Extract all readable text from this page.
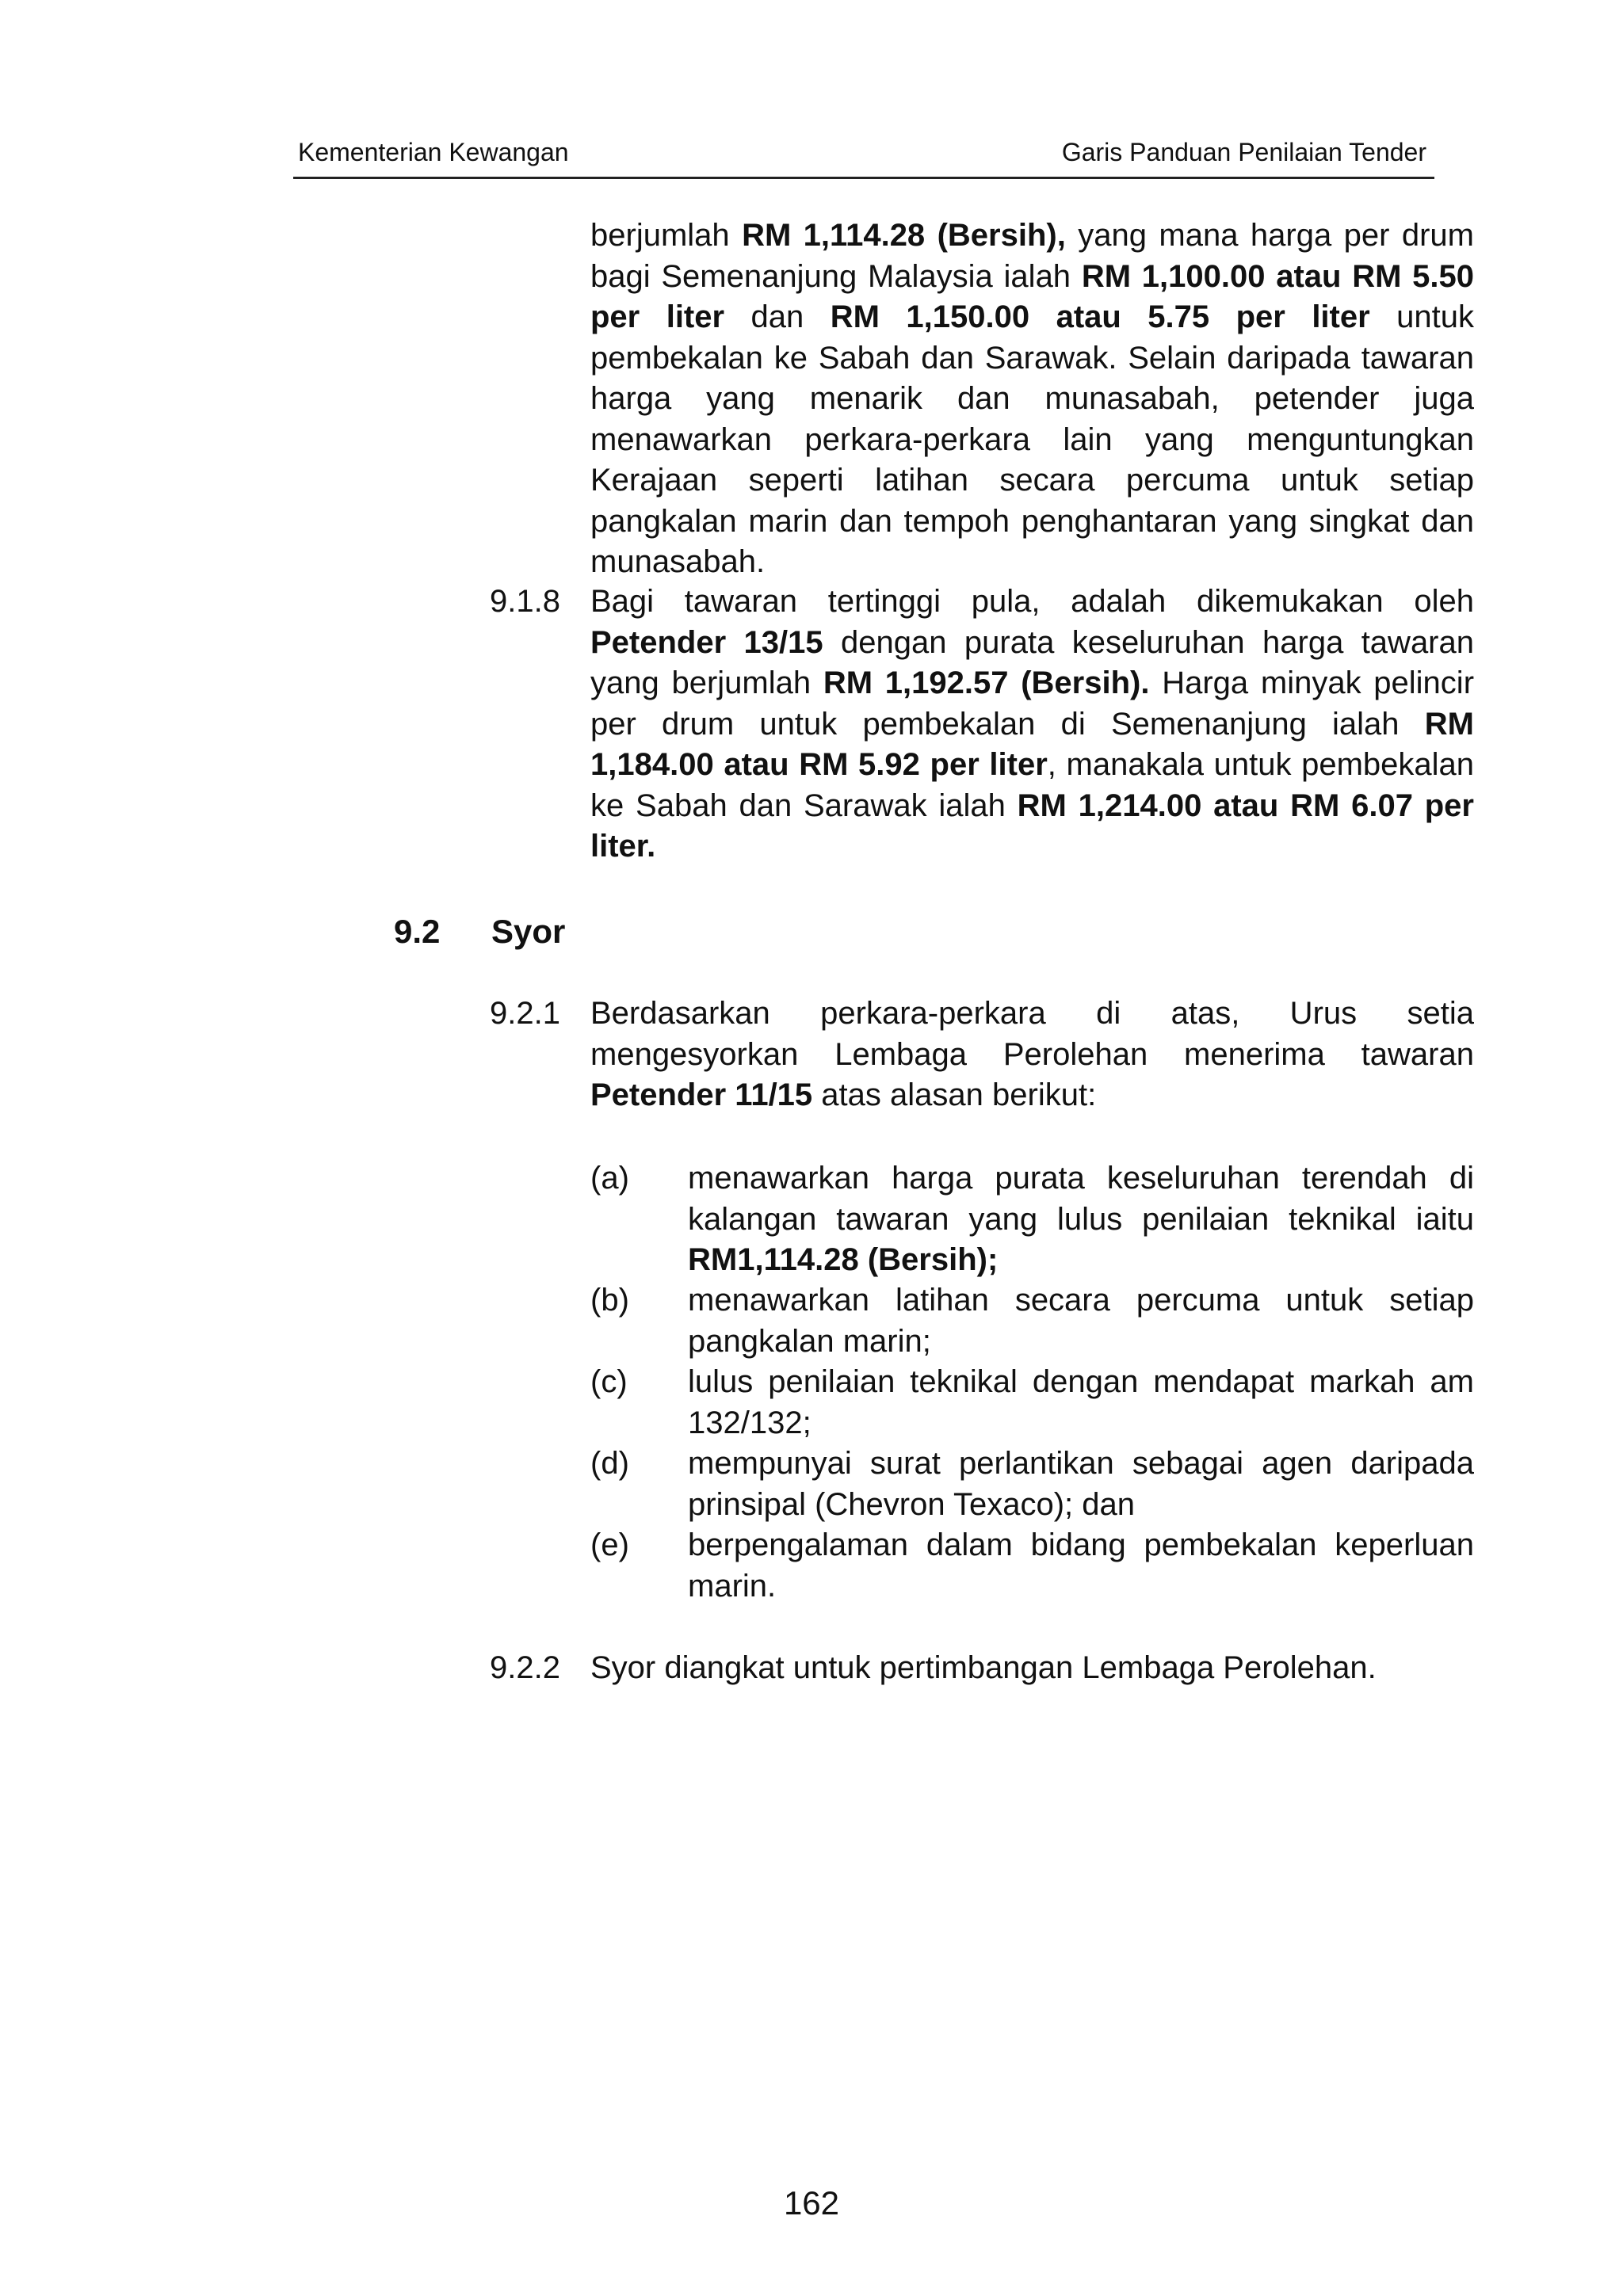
Kementerian Kewangan	Garis Panduan Penilaian Tender
berjumlah RM 1,114.28 (Bersih), yang mana harga per drum bagi Semenanjung Malaysia ialah RM 1,100.00 atau RM 5.50 per liter dan RM 1,150.00 atau 5.75 per liter untuk pembekalan ke Sabah dan Sarawak. Selain daripada tawaran harga yang menarik dan munasabah, petender juga menawarkan perkara-perkara lain yang menguntungkan Kerajaan seperti latihan secara percuma untuk setiap pangkalan marin dan tempoh penghantaran yang singkat dan munasabah.
9.1.8 Bagi tawaran tertinggi pula, adalah dikemukakan oleh Petender 13/15 dengan purata keseluruhan harga tawaran yang berjumlah RM 1,192.57 (Bersih). Harga minyak pelincir per drum untuk pembekalan di Semenanjung ialah RM 1,184.00 atau RM 5.92 per liter, manakala untuk pembekalan ke Sabah dan Sarawak ialah RM 1,214.00 atau RM 6.07 per liter.
9.2 Syor
9.2.1 Berdasarkan perkara-perkara di atas, Urus setia mengesyorkan Lembaga Perolehan menerima tawaran Petender 11/15 atas alasan berikut:
(a) menawarkan harga purata keseluruhan terendah di kalangan tawaran yang lulus penilaian teknikal iaitu RM1,114.28 (Bersih);
(b) menawarkan latihan secara percuma untuk setiap pangkalan marin;
(c) lulus penilaian teknikal dengan mendapat markah am 132/132;
(d) mempunyai surat perlantikan sebagai agen daripada prinsipal (Chevron Texaco); dan
(e) berpengalaman dalam bidang pembekalan keperluan marin.
9.2.2 Syor diangkat untuk pertimbangan Lembaga Perolehan.
162
